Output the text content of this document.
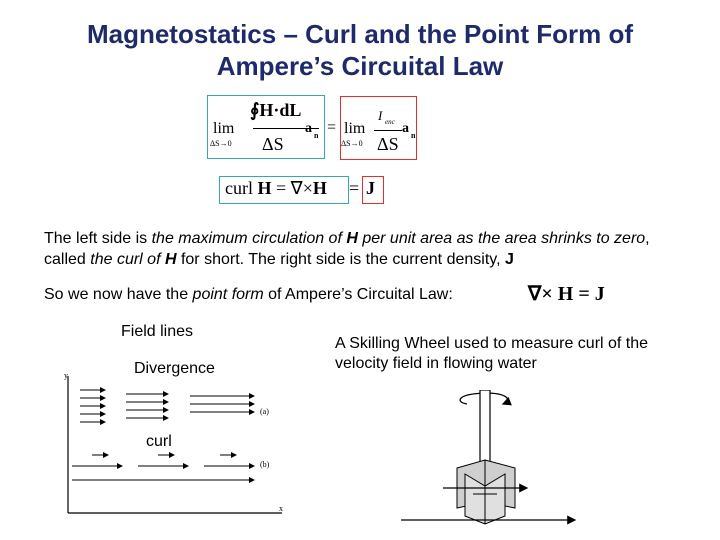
Magnetostatics – Curl and the Point Form of
Ampere’s Circuital Law
lim
ΔS→0
∮H·dL
ΔS
a n = lim
ΔS→0
I enc
ΔS
a n
curl H = ∇×H = J
The left side is the maximum circulation of H per unit area as the area shrinks to zero, called the curl of H for short. The right side is the current density, J
So we now have the point form of Ampere’s Circuital Law:	∇× H = J
Field lines
Divergence
curl
A Skilling Wheel used to measure curl of the velocity field in flowing water
y
x
(a)
(b)
